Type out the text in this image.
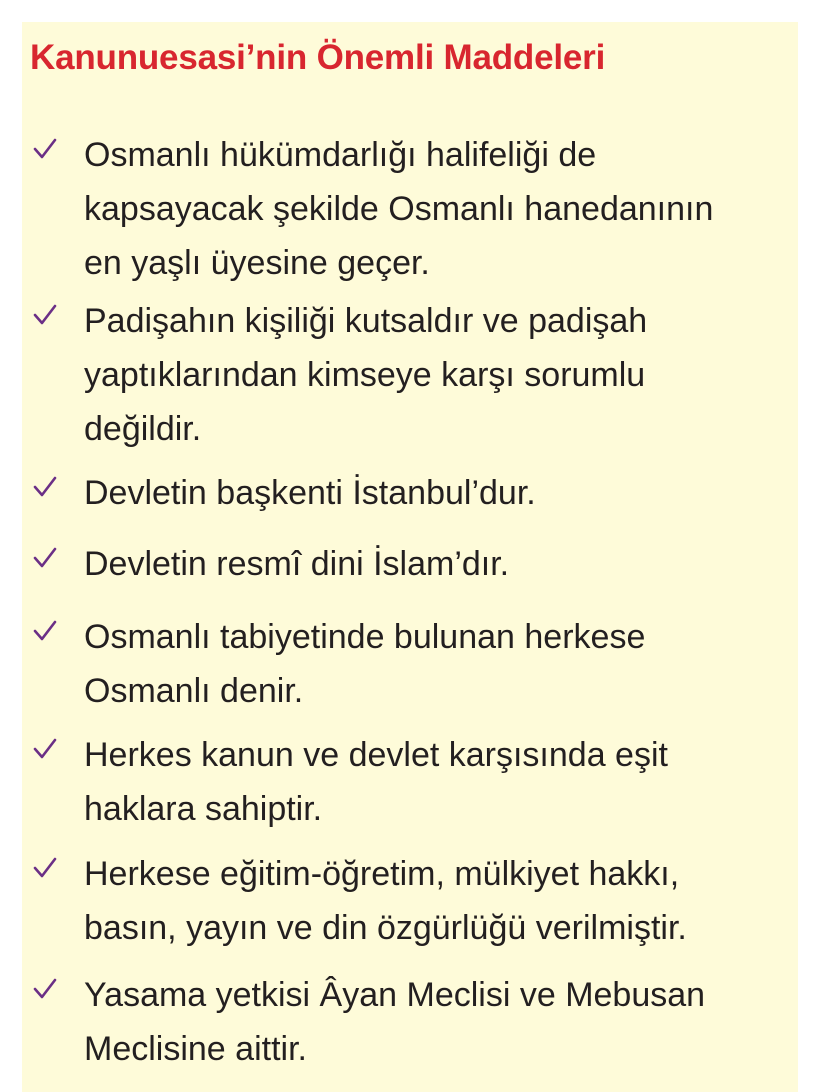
Kanunuesasi’nin Önemli Maddeleri
Osmanlı hükümdarlığı halifeliği de
kapsayacak şekilde Osmanlı hanedanının
en yaşlı üyesine geçer.
Padişahın kişiliği kutsaldır ve padişah
yaptıklarından kimseye karşı sorumlu
değildir.
Devletin başkenti İstanbul’dur.
Devletin resmî dini İslam’dır.
Osmanlı tabiyetinde bulunan herkese
Osmanlı denir.
Herkes kanun ve devlet karşısında eşit
haklara sahiptir.
Herkese eğitim-öğretim, mülkiyet hakkı,
basın, yayın ve din özgürlüğü verilmiştir.
Yasama yetkisi Âyan Meclisi ve Mebusan
Meclisine aittir.
